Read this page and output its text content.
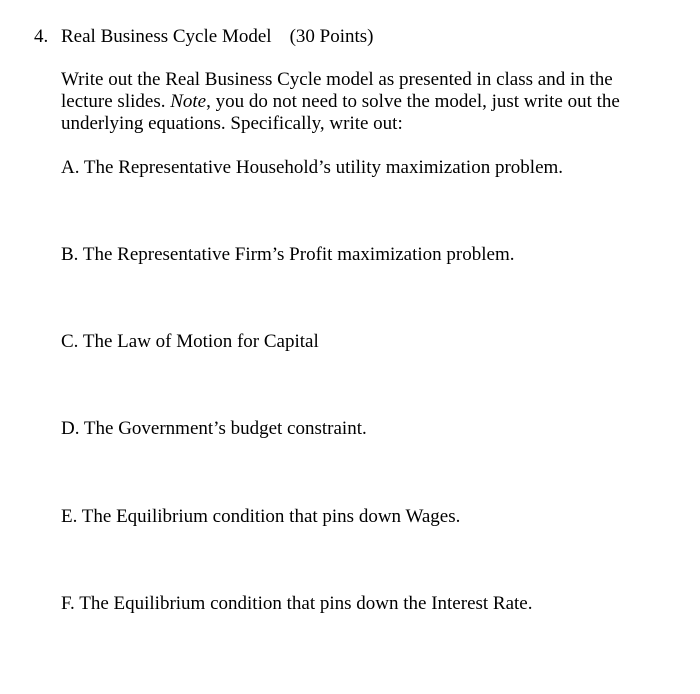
4. Real Business Cycle Model (30 Points)
Write out the Real Business Cycle model as presented in class and in the
lecture slides. Note, you do not need to solve the model, just write out the
underlying equations. Specifically, write out:
A. The Representative Household’s utility maximization problem.
B. The Representative Firm’s Profit maximization problem.
C. The Law of Motion for Capital
D. The Government’s budget constraint.
E. The Equilibrium condition that pins down Wages.
F. The Equilibrium condition that pins down the Interest Rate.
